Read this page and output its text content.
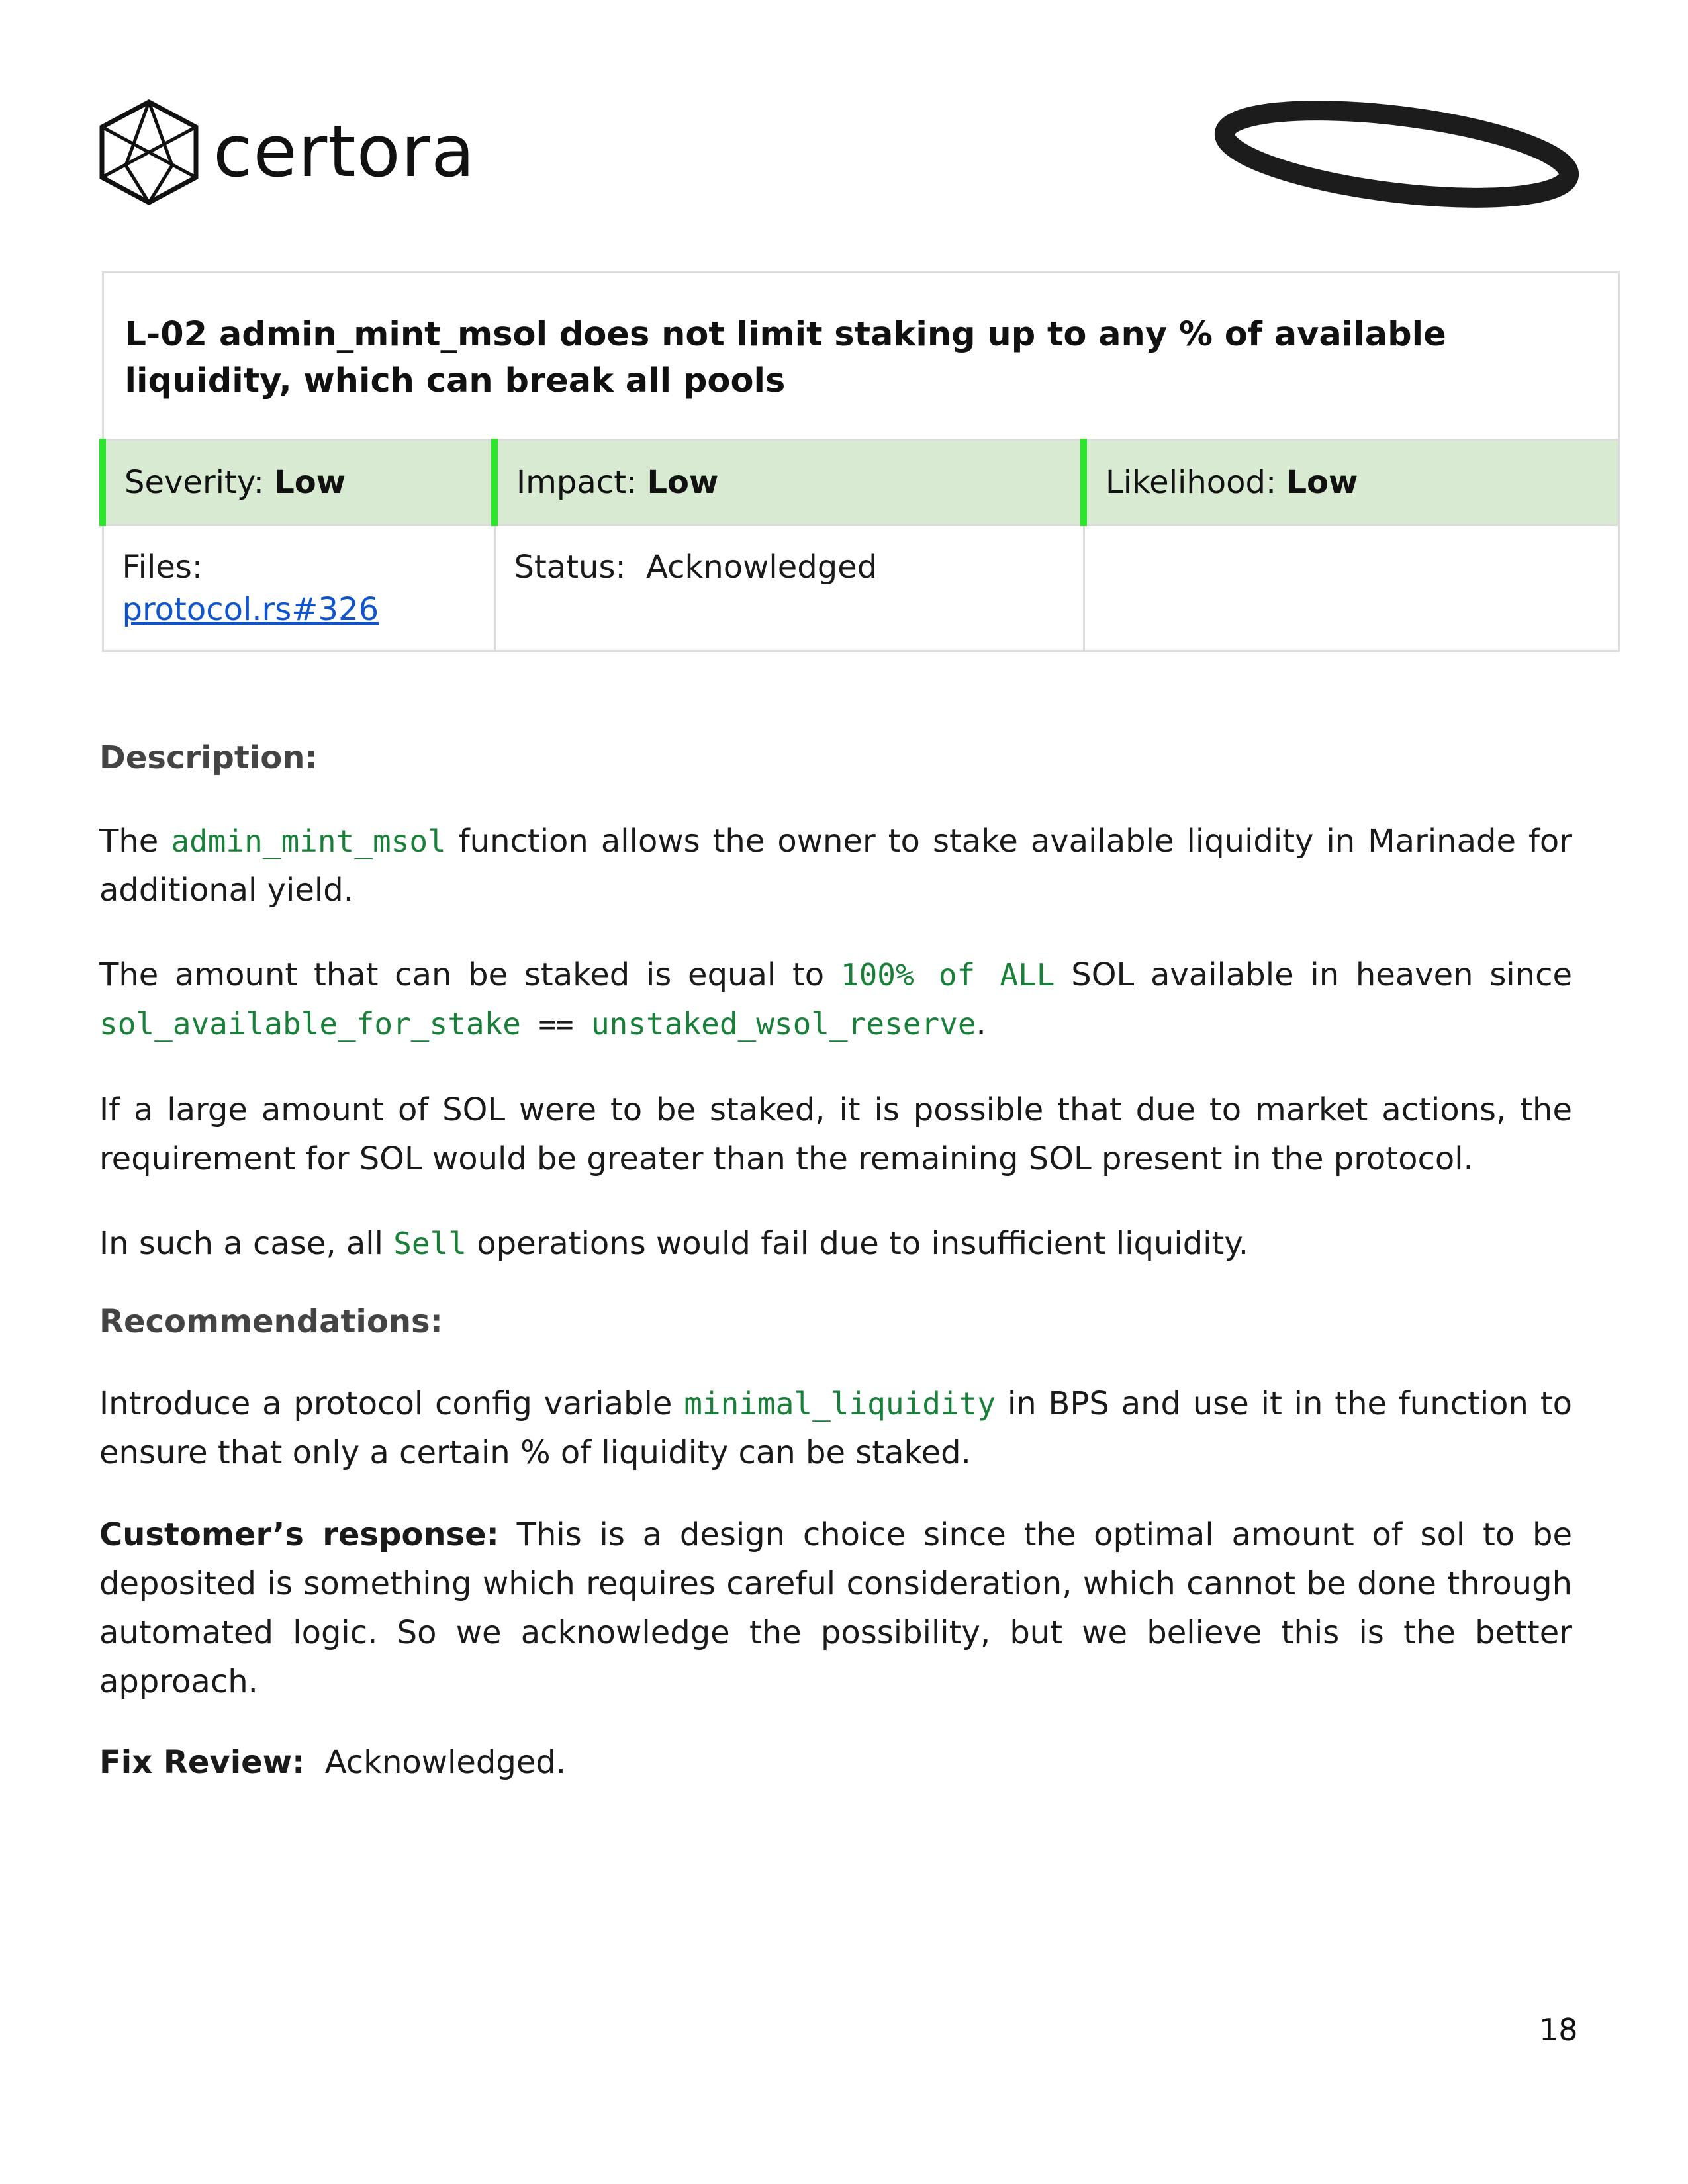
certora
L-02 admin_mint_msol does not limit staking up to any % of available liquidity, which can break all pools		

Severity: Low	Impact: Low	Likelihood: Low

Files:
protocol.rs#326	Status: Acknowledged	

Description:

The admin_mint_msol function allows the owner to stake available liquidity in Marinade for additional yield.

The amount that can be staked is equal to 100% of ALL SOL available in heaven since sol_available_for_stake == unstaked_wsol_reserve.

If a large amount of SOL were to be staked, it is possible that due to market actions, the requirement for SOL would be greater than the remaining SOL present in the protocol.

In such a case, all Sell operations would fail due to insufficient liquidity.

Recommendations:

Introduce a protocol config variable minimal_liquidity in BPS and use it in the function to ensure that only a certain % of liquidity can be staked.

Customer’s response: This is a design choice since the optimal amount of sol to be deposited is something which requires careful consideration, which cannot be done through automated logic. So we acknowledge the possibility, but we believe this is the better approach.

Fix Review: Acknowledged.

18
